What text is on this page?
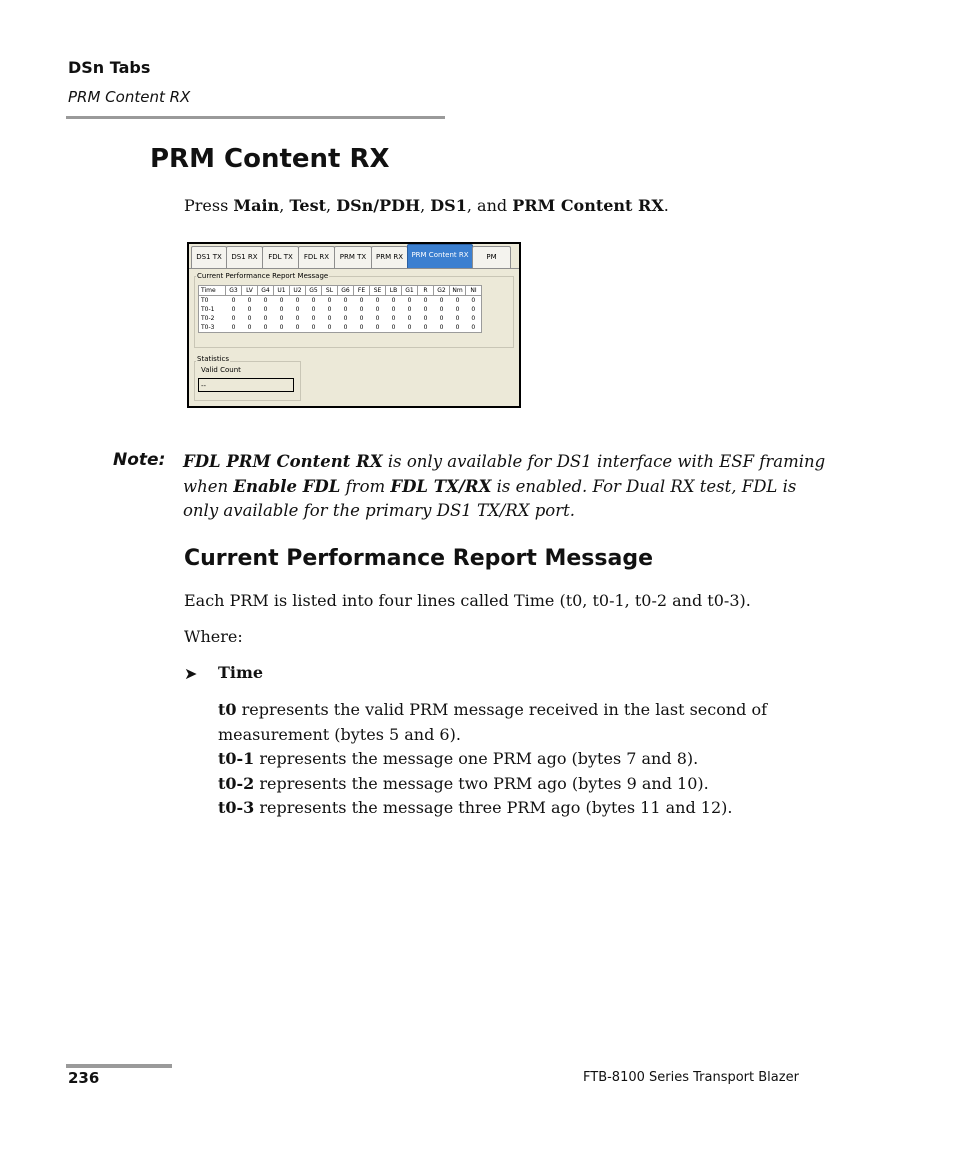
DSn Tabs
PRM Content RX
PRM Content RX
Press Main, Test, DSn/PDH, DS1, and PRM Content RX.
DS1 TX	DS1 RX	FDL TX	FDL RX	PRM TX	PRM RX	PRM Content RX	PM
Current Performance Report Message
Time	G3	LV	G4	U1	U2	G5	SL	G6	FE	SE	LB	G1	R	G2	Nm	NI
T0	0	0	0	0	0	0	0	0	0	0	0	0	0	0	0	0
T0-1	0	0	0	0	0	0	0	0	0	0	0	0	0	0	0	0
T0-2	0	0	0	0	0	0	0	0	0	0	0	0	0	0	0	0
T0-3	0	0	0	0	0	0	0	0	0	0	0	0	0	0	0	0
Statistics
Valid Count
--
Note: FDL PRM Content RX is only available for DS1 interface with ESF framing when Enable FDL from FDL TX/RX is enabled. For Dual RX test, FDL is only available for the primary DS1 TX/RX port.
Current Performance Report Message
Each PRM is listed into four lines called Time (t0, t0-1, t0-2 and t0-3).
Where:
➤ Time
t0 represents the valid PRM message received in the last second of measurement (bytes 5 and 6).
t0-1 represents the message one PRM ago (bytes 7 and 8).
t0-2 represents the message two PRM ago (bytes 9 and 10).
t0-3 represents the message three PRM ago (bytes 11 and 12).
236	FTB-8100 Series Transport Blazer
